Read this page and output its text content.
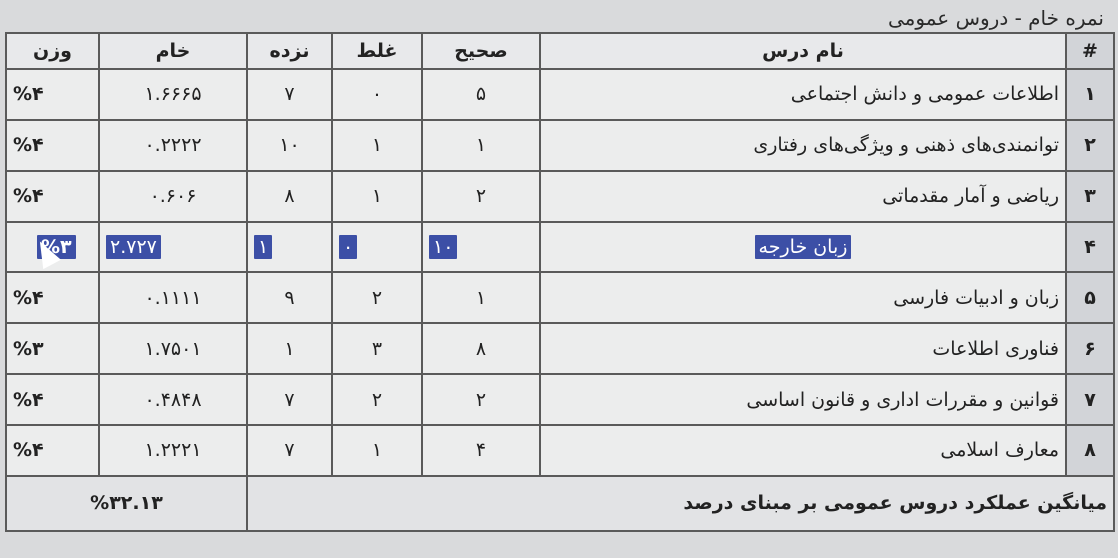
نمره خام - دروس عمومی
#	نام درس	صحیح	غلط	نزده	خام	وزن
۱	اطلاعات عمومی و دانش اجتماعی	۵	۰	۷	۱.۶۶۶۵	%۴
۲	توانمندی‌های ذهنی و ویژگی‌های رفتاری	۱	۱	۱۰	۰.۲۲۲۲	%۴
۳	ریاضی و آمار مقدماتی	۲	۱	۸	۰.۶۰۶	%۴
۴	زبان خارجه	۱۰	۰	۱	۲.۷۲۷	%۳
۵	زبان و ادبیات فارسی	۱	۲	۹	۰.۱۱۱۱	%۴
۶	فناوری اطلاعات	۸	۳	۱	۱.۷۵۰۱	%۳
۷	قوانین و مقررات اداری و قانون اساسی	۲	۲	۷	۰.۴۸۴۸	%۴
۸	معارف اسلامی	۴	۱	۷	۱.۲۲۲۱	%۴
میانگین عملکرد دروس عمومی بر مبنای درصد					%۳۲.۱۳	
